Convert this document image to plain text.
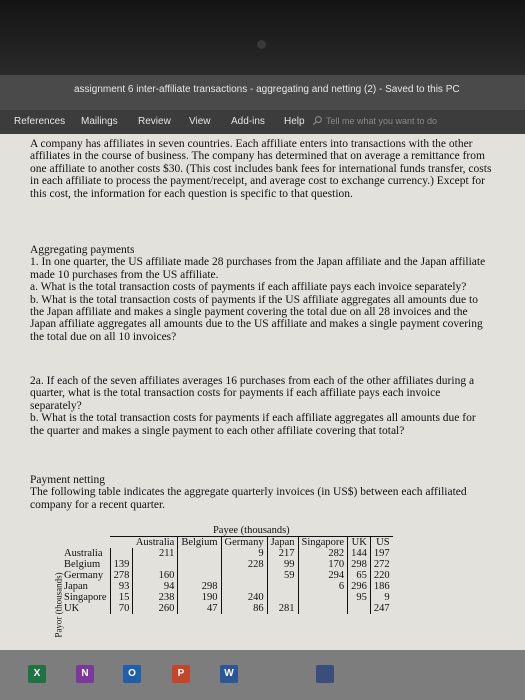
assignment 6 inter-affiliate transactions - aggregating and netting (2) - Saved to this PC
References Mailings Review View Add-ins Help Tell me what you want to do

A company has affiliates in seven countries. Each affiliate enters into transactions with the other affiliates in the course of business. The company has determined that on average a remittance from one affiliate to another costs $30. (This cost includes bank fees for international funds transfer, costs in each affiliate to process the payment/receipt, and average cost to exchange currency.) Except for this cost, the information for each question is specific to that question.

Aggregating payments

1. In one quarter, the US affiliate made 28 purchases from the Japan affiliate and the Japan affiliate made 10 purchases from the US affiliate.

a. What is the total transaction costs of payments if each affiliate pays each invoice separately?

b. What is the total transaction costs of payments if the US affiliate aggregates all amounts due to the Japan affiliate and makes a single payment covering the total due on all 28 invoices and the Japan affiliate aggregates all amounts due to the US affiliate and makes a single payment covering the total due on all 10 invoices?

2a. If each of the seven affiliates averages 16 purchases from each of the other affiliates during a quarter, what is the total transaction costs for payments if each affiliate pays each invoice separately?

b. What is the total transaction costs for payments if each affiliate aggregates all amounts due for the quarter and makes a single payment to each other affiliate covering that total?

Payment netting

The following table indicates the aggregate quarterly invoices (in US$) between each affiliated company for a recent quarter.

Payor (thousands)
	Payee (thousands)							
		Australia	Belgium	Germany	Japan	Singapore	UK	US
Australia		211		9	217	282	144	197
Belgium	139			228	99	170	298	272
Germany	278	160			59	294	65	220
Japan	93	94	298			6	296	186
Singapore	15	238	190	240			95	9
UK	70	260	47	86	281			247
X	N	O	P	W
